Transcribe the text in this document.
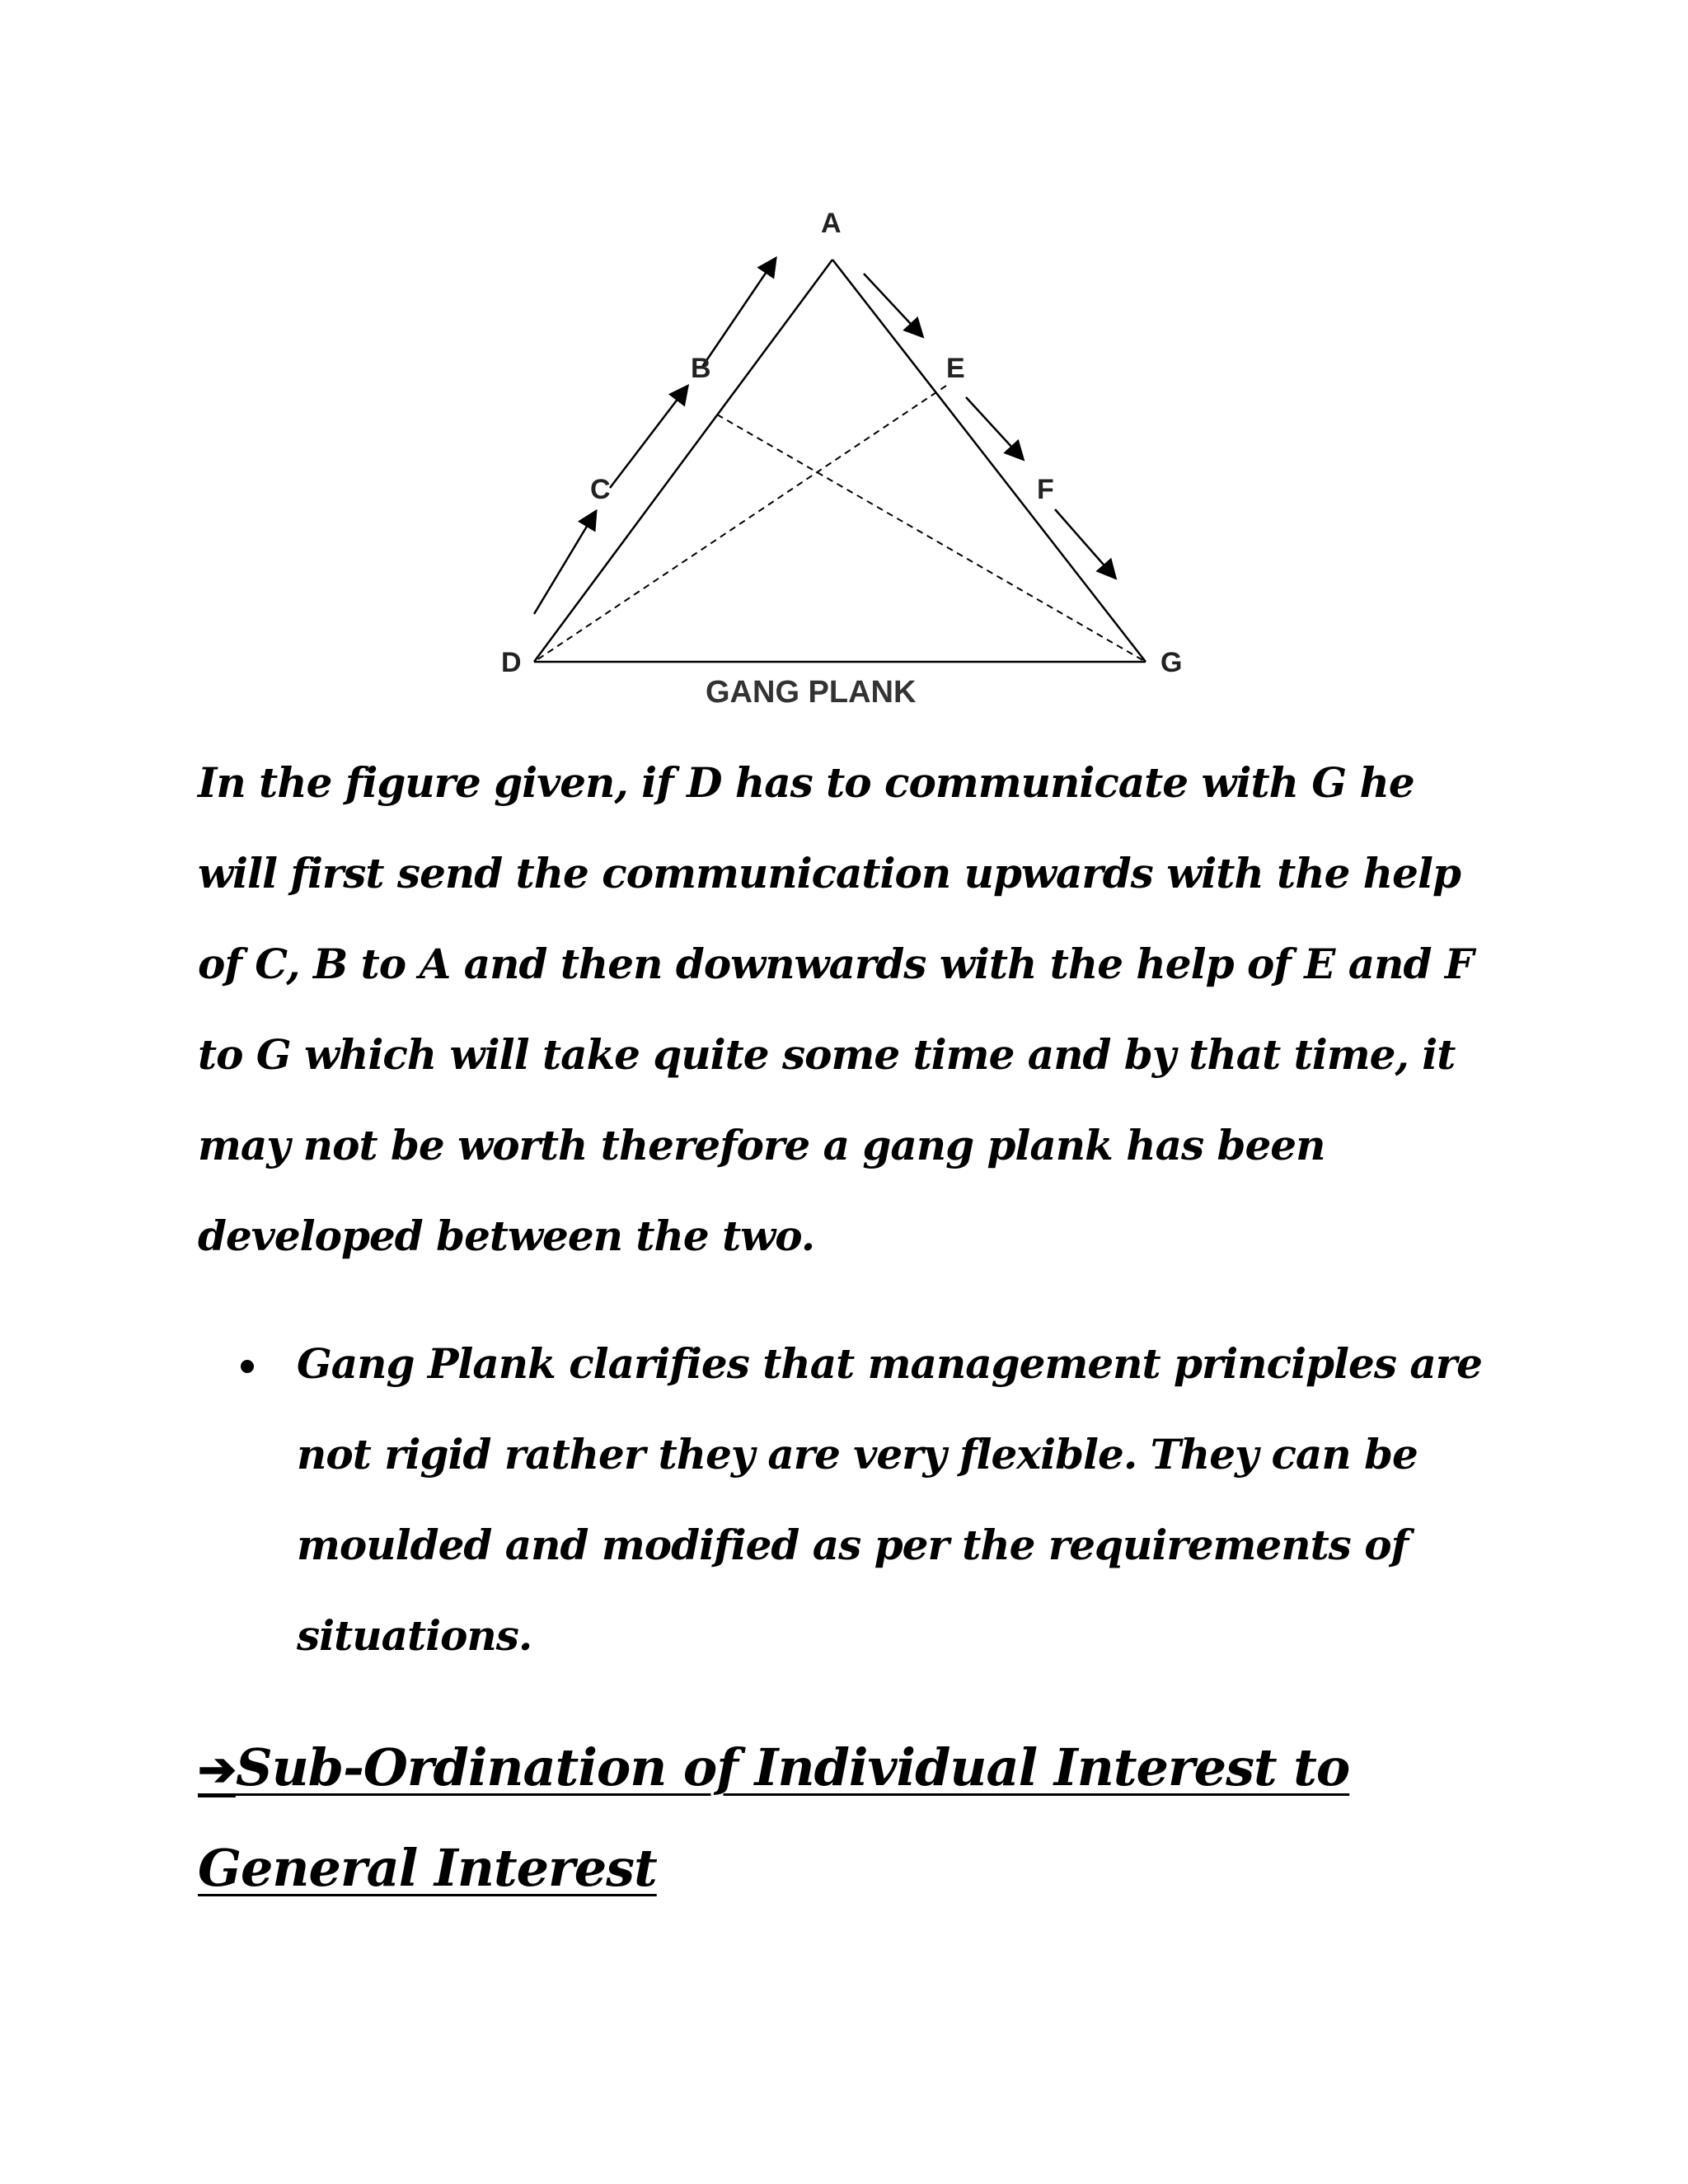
A
B
C
D
E
F
G
GANG PLANK

In the figure given, if D has to communicate with G he will first send the communication upwards with the help of C, B to A and then downwards with the help of E and F to G which will take quite some time and by that time, it may not be worth therefore a gang plank has been developed between the two.

Gang Plank clarifies that management principles are not rigid rather they are very flexible. They can be moulded and modified as per the requirements of situations.
➔Sub-Ordination of Individual Interest to General Interest
